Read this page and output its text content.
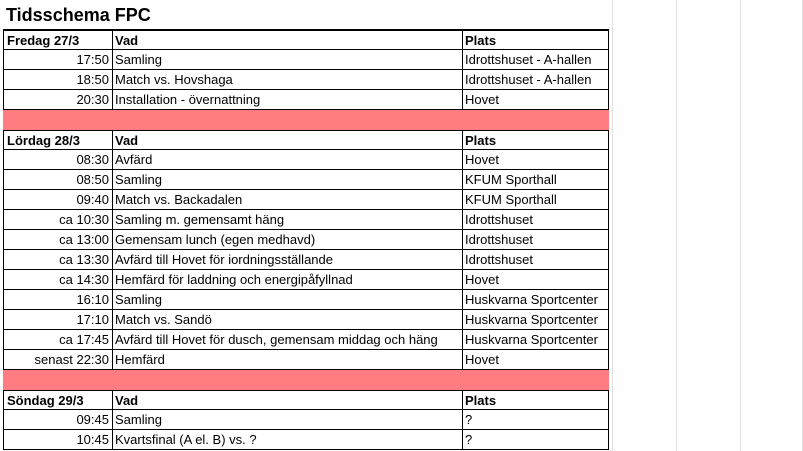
Tidsschema FPC
Fredag 27/3	Vad	Plats
17:50 Samling	Idrottshuset - A-hallen
18:50 Match vs. Hovshaga	Idrottshuset - A-hallen
20:30 Installation - övernattning	Hovet
Lördag 28/3	Vad	Plats
08:30 Avfärd	Hovet
08:50 Samling	KFUM Sporthall
09:40 Match vs. Backadalen	KFUM Sporthall
ca 10:30 Samling m. gemensamt häng	Idrottshuset
ca 13:00 Gemensam lunch (egen medhavd)	Idrottshuset
ca 13:30 Avfärd till Hovet för iordningsställande	Idrottshuset
ca 14:30 Hemfärd för laddning och energipåfyllnad	Hovet
16:10 Samling	Huskvarna Sportcenter
17:10 Match vs. Sandö	Huskvarna Sportcenter
ca 17:45 Avfärd till Hovet för dusch, gemensam middag och häng	Huskvarna Sportcenter
senast 22:30 Hemfärd	Hovet
Söndag 29/3	Vad	Plats
09:45 Samling	?
10:45 Kvartsfinal (A el. B) vs. ?	?
